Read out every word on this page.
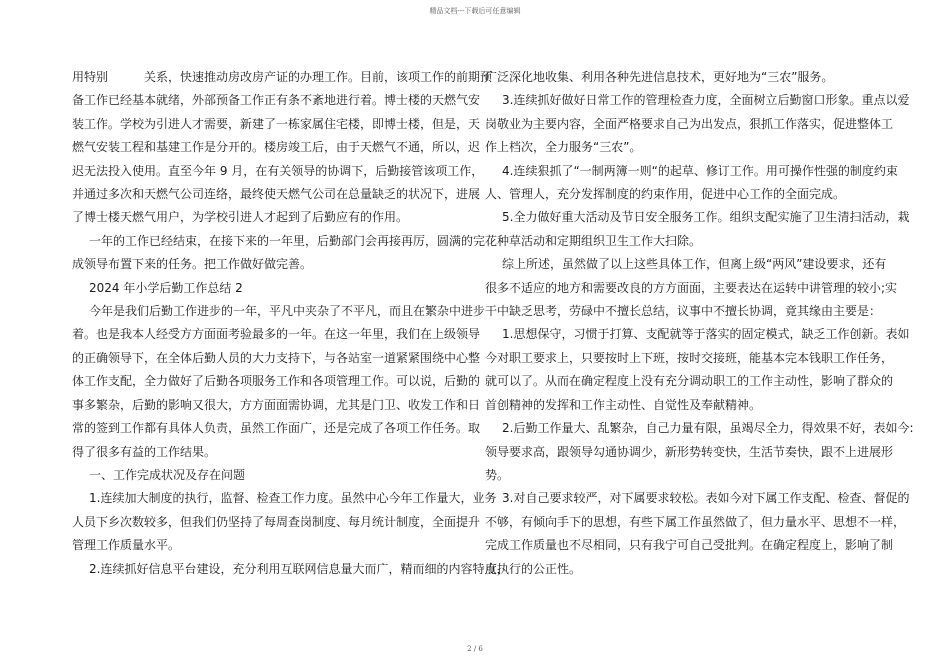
精品文档---下载后可任意编辑

用特别　　　关系，快速推动房改房产证的办理工作。目前，该项工作的前期预

备工作已经基本就绪，外部预备工作正有条不紊地进行着。博士楼的天燃气安

装工作。学校为引进人才需要，新建了一栋家属住宅楼，即博士楼，但是，天

燃气安装工程和基建工作是分开的。楼房竣工后，由于天燃气不通，所以，迟

迟无法投入使用。直至今年 9 月，在有关领导的协调下，后勤接管该项工作，

并通过多次和天燃气公司连络，最终使天燃气公司在总量缺乏的状况下，进展

了博士楼天燃气用户，为学校引进人才起到了后勤应有的作用。

一年的工作已经结束，在接下来的一年里，后勤部门会再接再厉，圆满的完

成领导布置下来的任务。把工作做好做完善。

2024 年小学后勤工作总结 2

今年是我们后勤工作进步的一年，平凡中夹杂了不平凡，而且在繁杂中进步

着。也是我本人经受方方面面考验最多的一年。在这一年里，我们在上级领导

的正确领导下，在全体后勤人员的大力支持下，与各站室一道紧紧围绕中心整

体工作支配，全力做好了后勤各项服务工作和各项管理工作。可以说，后勤的

事多繁杂，后勤的影响又很大，方方面面需协调，尤其是门卫、收发工作和日

常的签到工作都有具体人负责，虽然工作面广，还是完成了各项工作任务。取

得了很多有益的工作结果。

一、工作完成状况及存在问题

1.连续加大制度的执行，监督、检查工作力度。虽然中心今年工作量大，业务

人员下乡次数较多，但我们仍坚持了每周查岗制度、每月统计制度，全面提升

管理工作质量水平。

2.连续抓好信息平台建设，充分利用互联网信息量大而广，精而细的内容特点，

广泛深化地收集、利用各种先进信息技术，更好地为“三农”服务。

3.连续抓好做好日常工作的管理检查力度，全面树立后勤窗口形象。重点以爱

岗敬业为主要内容，全面严格要求自己为出发点，狠抓工作落实，促进整体工

作上档次，全力服务“三农”。

4.连续狠抓了“一制两簿一则“的起草、修订工作。用可操作性强的制度约束

人、管理人，充分发挥制度的约束作用，促进中心工作的全面完成。

5.全力做好重大活动及节日安全服务工作。组织支配实施了卫生清扫活动，栽

花种草活动和定期组织卫生工作大扫除。

综上所述，虽然做了以上这些具体工作，但离上级“两风”建设要求，还有

很多不适应的地方和需要改良的方方面面，主要表达在运转中讲管理的较小;实

干中缺乏思考，劳碌中不擅长总结，议事中不擅长协调，竟其缘由主要是：

1.思想保守，习惯于打算、支配就等于落实的固定模式，缺乏工作创新。表如

今对职工要求上，只要按时上下班，按时交接班，能基本完本钱职工作任务，

就可以了。从而在确定程度上没有充分调动职工的工作主动性，影响了群众的

首创精神的发挥和工作主动性、自觉性及奉献精神。

2.后勤工作量大、乱繁杂，自己力量有限，虽竭尽全力，得效果不好，表如今:

领导要求高，跟领导勾通协调少，新形势转变快，生活节奏快，跟不上进展形

势。

3.对自己要求较严，对下属要求较松。表如今对下属工作支配、检查、督促的

不够，有倾向手下的思想，有些下属工作虽然做了，但力量水平、思想不一样，

完成工作质量也不尽相同，只有我宁可自己受批判。在确定程度上，影响了制

度执行的公正性。

2 / 6
